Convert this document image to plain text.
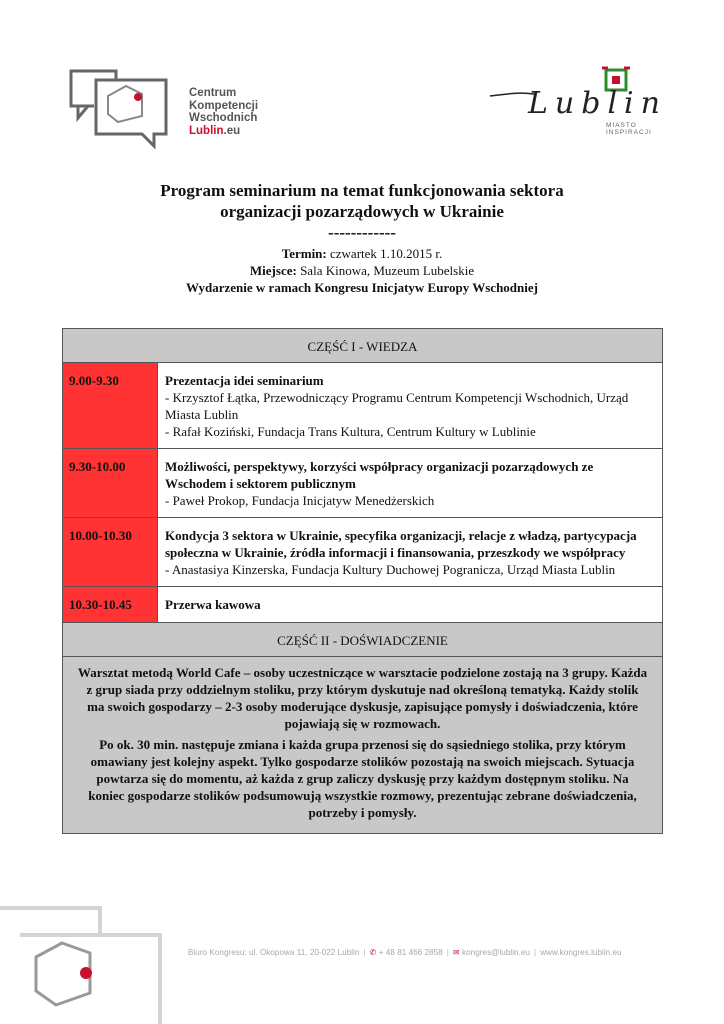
Centrum
Kompetencji
Wschodnich
Lublin.eu
Lublin
MIASTO INSPIRACJI
Program seminarium na temat funkcjonowania sektora
organizacji pozarządowych w Ukrainie
------------
Termin: czwartek 1.10.2015 r.
Miejsce: Sala Kinowa, Muzeum Lubelskie
Wydarzenie w ramach Kongresu Inicjatyw Europy Wschodniej
CZĘŚĆ I - WIEDZA	
9.00-9.30	Prezentacja idei seminarium
- Krzysztof Łątka, Przewodniczący Programu Centrum Kompetencji Wschodnich, Urząd Miasta Lublin
- Rafał Koziński, Fundacja Trans Kultura, Centrum Kultury w Lublinie

9.30-10.00	Możliwości, perspektywy, korzyści współpracy organizacji pozarządowych ze Wschodem i sektorem publicznym
- Paweł Prokop, Fundacja Inicjatyw Menedżerskich

10.00-10.30	Kondycja 3 sektora w Ukrainie, specyfika organizacji, relacje z władzą, partycypacja społeczna w Ukrainie, źródła informacji i finansowania, przeszkody we współpracy
- Anastasiya Kinzerska, Fundacja Kultury Duchowej Pogranicza, Urząd Miasta Lublin

10.30-10.45	Przerwa kawowa

CZĘŚĆ II - DOŚWIADCZENIE	

Warsztat metodą World Cafe – osoby uczestniczące w warsztacie podzielone zostają na 3 grupy. Każda z grup siada przy oddzielnym stoliku, przy którym dyskutuje nad określoną tematyką. Każdy stolik ma swoich gospodarzy – 2-3 osoby moderujące dyskusje, zapisujące pomysły i doświadczenia, które pojawiają się w rozmowach.

Po ok. 30 min. następuje zmiana i każda grupa przenosi się do sąsiedniego stolika, przy którym omawiany jest kolejny aspekt. Tylko gospodarze stolików pozostają na swoich miejscach. Sytuacja powtarza się do momentu, aż każda z grup zaliczy dyskusję przy każdym dostępnym stoliku. Na koniec gospodarze stolików podsumowują wszystkie rozmowy, prezentując zebrane doświadczenia, potrzeby i pomysły.	

Biuro Kongresu: ul. Okopowa 11, 20-022 Lublin | ✆ + 48 81 466 2858 | ✉ kongres@lublin.eu | www.kongres.lublin.eu
